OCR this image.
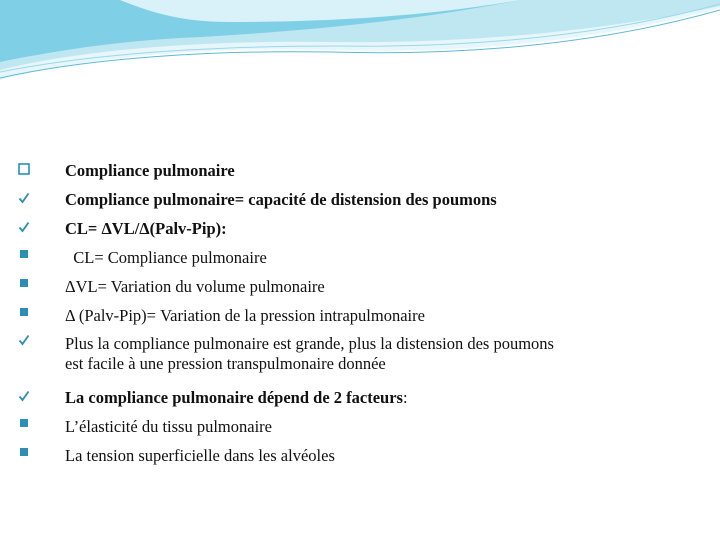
Compliance pulmonaire
Compliance pulmonaire= capacité de distension des poumons
CL= ΔVL/Δ(Palv-Pip):
CL= Compliance pulmonaire
ΔVL= Variation du volume pulmonaire
Δ (Palv-Pip)= Variation de la pression intrapulmonaire
Plus la compliance pulmonaire est grande, plus la distension des poumons
est facile à une pression transpulmonaire donnée
La compliance pulmonaire dépend de 2 facteurs:
L’élasticité du tissu pulmonaire
La tension superficielle dans les alvéoles
